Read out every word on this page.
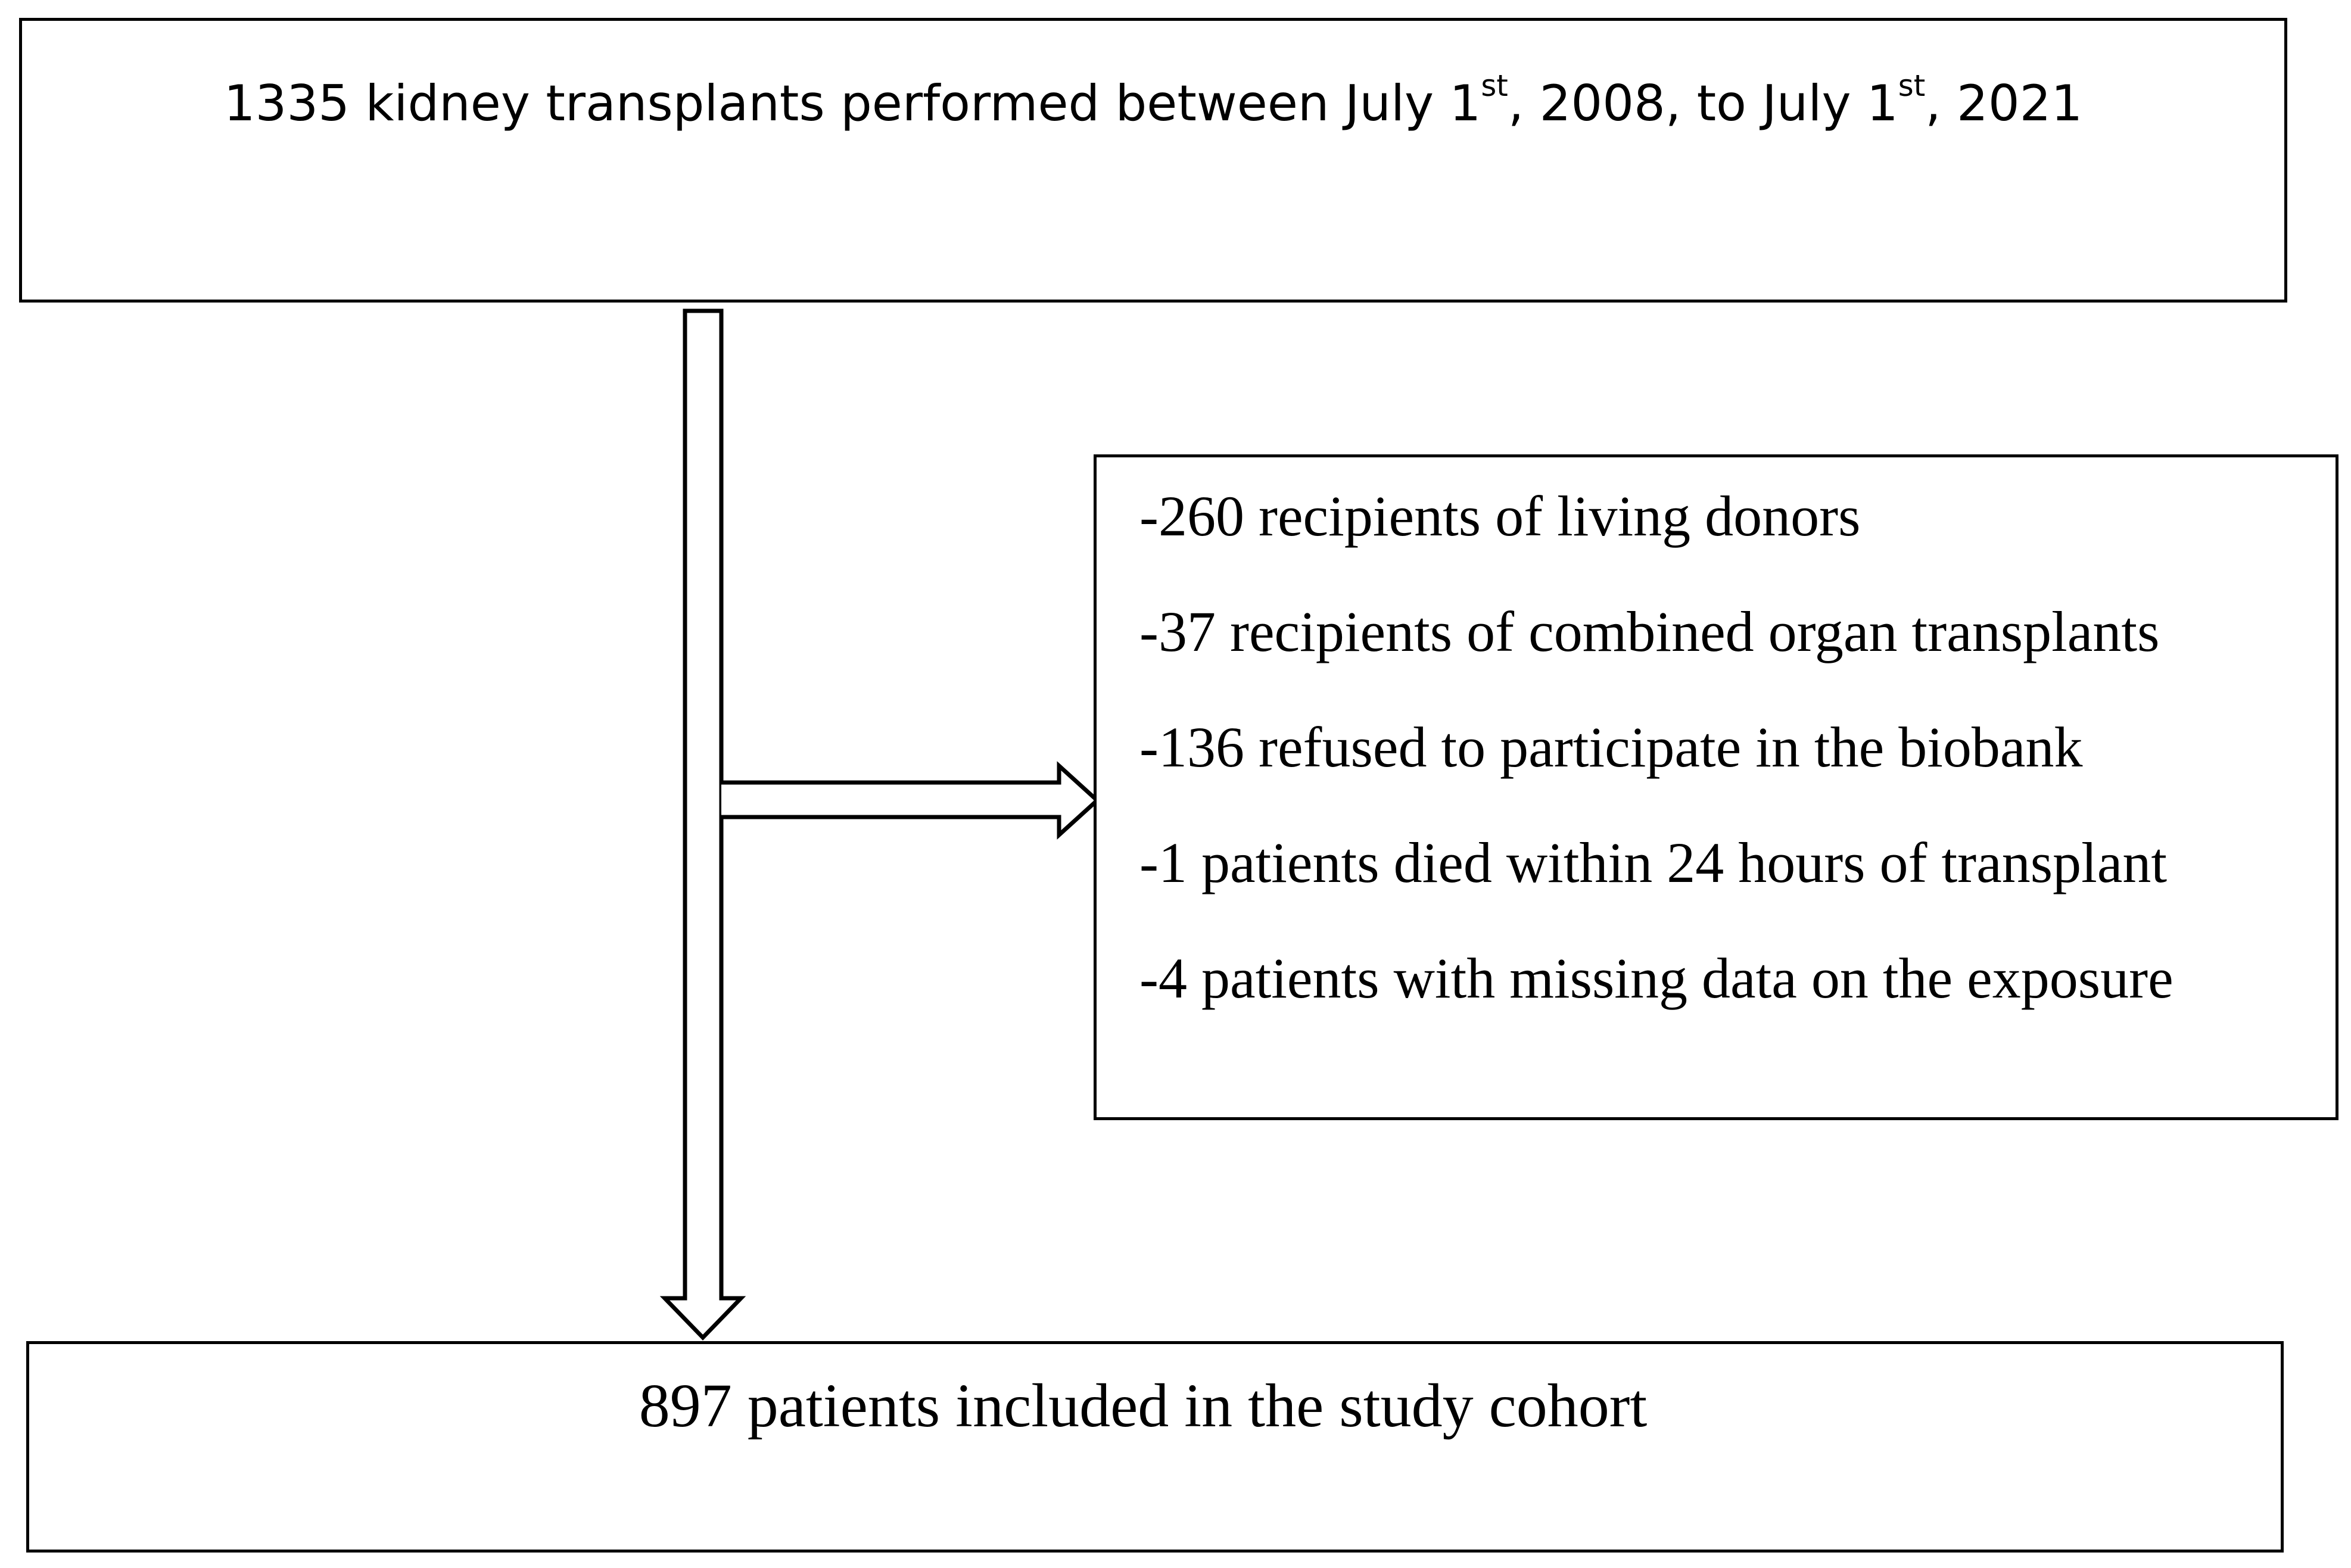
1335 kidney transplants performed between July 1st, 2008, to July 1st, 2021
-260 recipients of living donors
-37 recipients of combined organ transplants
-136 refused to participate in the biobank
-1 patients died within 24 hours of transplant
-4 patients with missing data on the exposure
897 patients included in the study cohort
